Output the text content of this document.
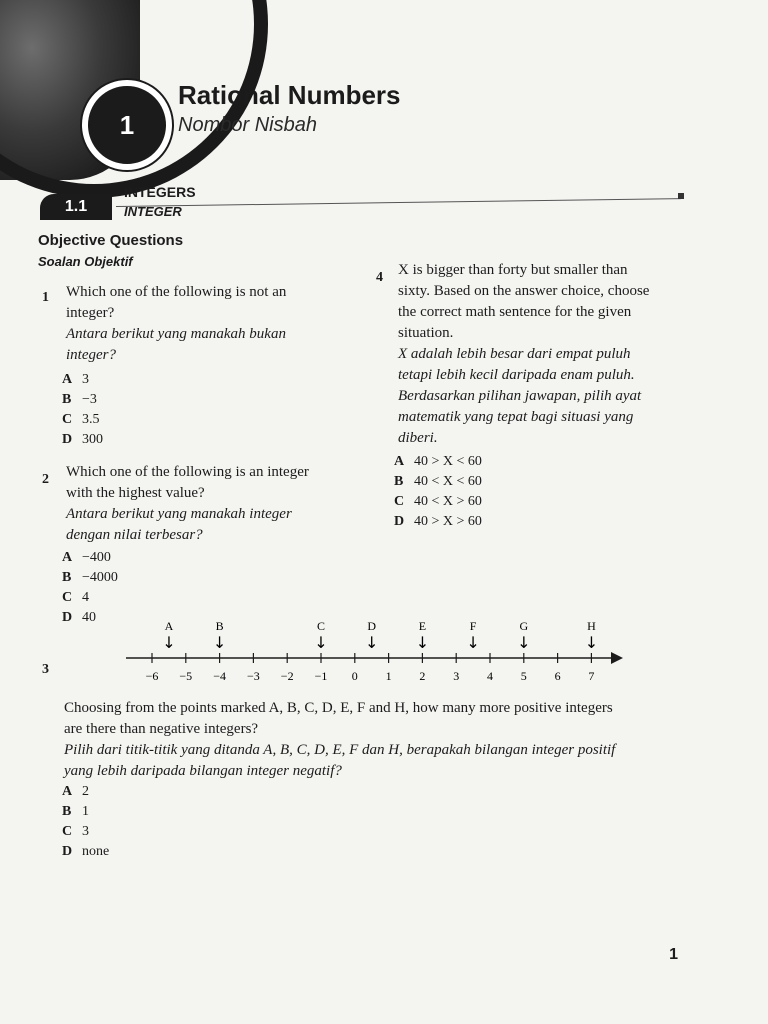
1
Rational Numbers
Nombor Nisbah
1.1
INTEGERS
INTEGER
Objective Questions
Soalan Objektif
1 Which one of the following is not an
integer?
Antara berikut yang manakah bukan
integer?
A 3
B −3
C 3.5
D 300
2 Which one of the following is an integer
with the highest value?
Antara berikut yang manakah integer
dengan nilai terbesar?
A −400
B −4000
C 4
D 40
4 X is bigger than forty but smaller than
sixty. Based on the answer choice, choose
the correct math sentence for the given
situation.
X adalah lebih besar dari empat puluh
tetapi lebih kecil daripada enam puluh.
Berdasarkan pilihan jawapan, pilih ayat
matematik yang tepat bagi situasi yang
diberi.
A 40 > X < 60
B 40 < X < 60
C 40 < X > 60
D 40 > X > 60
3	−6 −5 −4 −3 −2 −1 0 1 2 3 4 5 6 7
A
↓
B
↓
C
↓
D
↓
E
↓
F
↓
G
↓
H
↓
Choosing from the points marked A, B, C, D, E, F and H, how many more positive integers
are there than negative integers?
Pilih dari titik-titik yang ditanda A, B, C, D, E, F dan H, berapakah bilangan integer positif
yang lebih daripada bilangan integer negatif?
A 2
B 1
C 3
D none
1
